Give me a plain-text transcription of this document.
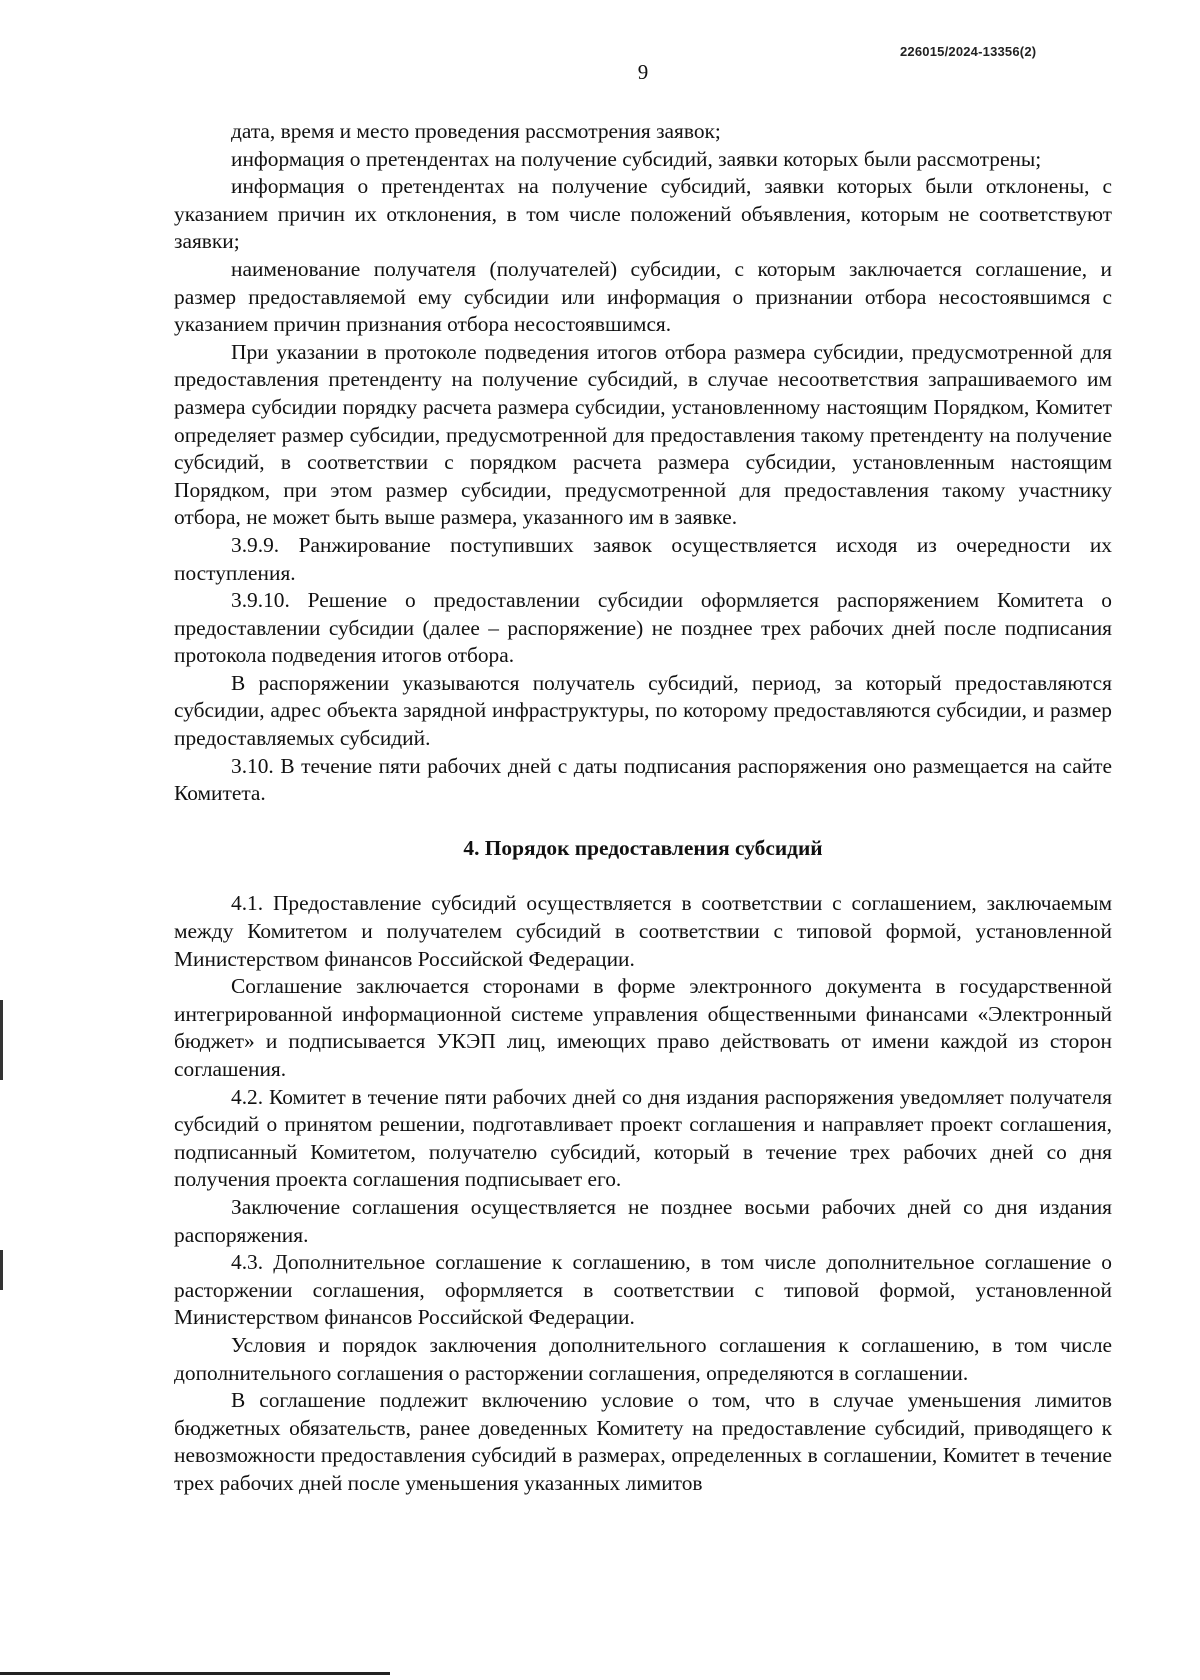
226015/2024-13356(2)
9

дата, время и место проведения рассмотрения заявок;

информация о претендентах на получение субсидий, заявки которых были рассмотрены;

информация о претендентах на получение субсидий, заявки которых были отклонены, с указанием причин их отклонения, в том числе положений объявления, которым не соответствуют заявки;

наименование получателя (получателей) субсидии, с которым заключается соглашение, и размер предоставляемой ему субсидии или информация о признании отбора несостоявшимся с указанием причин признания отбора несостоявшимся.

При указании в протоколе подведения итогов отбора размера субсидии, предусмотренной для предоставления претенденту на получение субсидий, в случае несоответствия запрашиваемого им размера субсидии порядку расчета размера субсидии, установленному настоящим Порядком, Комитет определяет размер субсидии, предусмотренной для предоставления такому претенденту на получение субсидий, в соответствии с порядком расчета размера субсидии, установленным настоящим Порядком, при этом размер субсидии, предусмотренной для предоставления такому участнику отбора, не может быть выше размера, указанного им в заявке.

3.9.9. Ранжирование поступивших заявок осуществляется исходя из очередности их поступления.

3.9.10. Решение о предоставлении субсидии оформляется распоряжением Комитета о предоставлении субсидии (далее – распоряжение) не позднее трех рабочих дней после подписания протокола подведения итогов отбора.

В распоряжении указываются получатель субсидий, период, за который предоставляются субсидии, адрес объекта зарядной инфраструктуры, по которому предоставляются субсидии, и размер предоставляемых субсидий.

3.10. В течение пяти рабочих дней с даты подписания распоряжения оно размещается на сайте Комитета.

4. Порядок предоставления субсидий

4.1. Предоставление субсидий осуществляется в соответствии с соглашением, заключаемым между Комитетом и получателем субсидий в соответствии с типовой формой, установленной Министерством финансов Российской Федерации.

Соглашение заключается сторонами в форме электронного документа в государственной интегрированной информационной системе управления общественными финансами «Электронный бюджет» и подписывается УКЭП лиц, имеющих право действовать от имени каждой из сторон соглашения.

4.2. Комитет в течение пяти рабочих дней со дня издания распоряжения уведомляет получателя субсидий о принятом решении, подготавливает проект соглашения и направляет проект соглашения, подписанный Комитетом, получателю субсидий, который в течение трех рабочих дней со дня получения проекта соглашения подписывает его.

Заключение соглашения осуществляется не позднее восьми рабочих дней со дня издания распоряжения.

4.3. Дополнительное соглашение к соглашению, в том числе дополнительное соглашение о расторжении соглашения, оформляется в соответствии с типовой формой, установленной Министерством финансов Российской Федерации.

Условия и порядок заключения дополнительного соглашения к соглашению, в том числе дополнительного соглашения о расторжении соглашения, определяются в соглашении.

В соглашение подлежит включению условие о том, что в случае уменьшения лимитов бюджетных обязательств, ранее доведенных Комитету на предоставление субсидий, приводящего к невозможности предоставления субсидий в размерах, определенных в соглашении, Комитет в течение трех рабочих дней после уменьшения указанных лимитов
